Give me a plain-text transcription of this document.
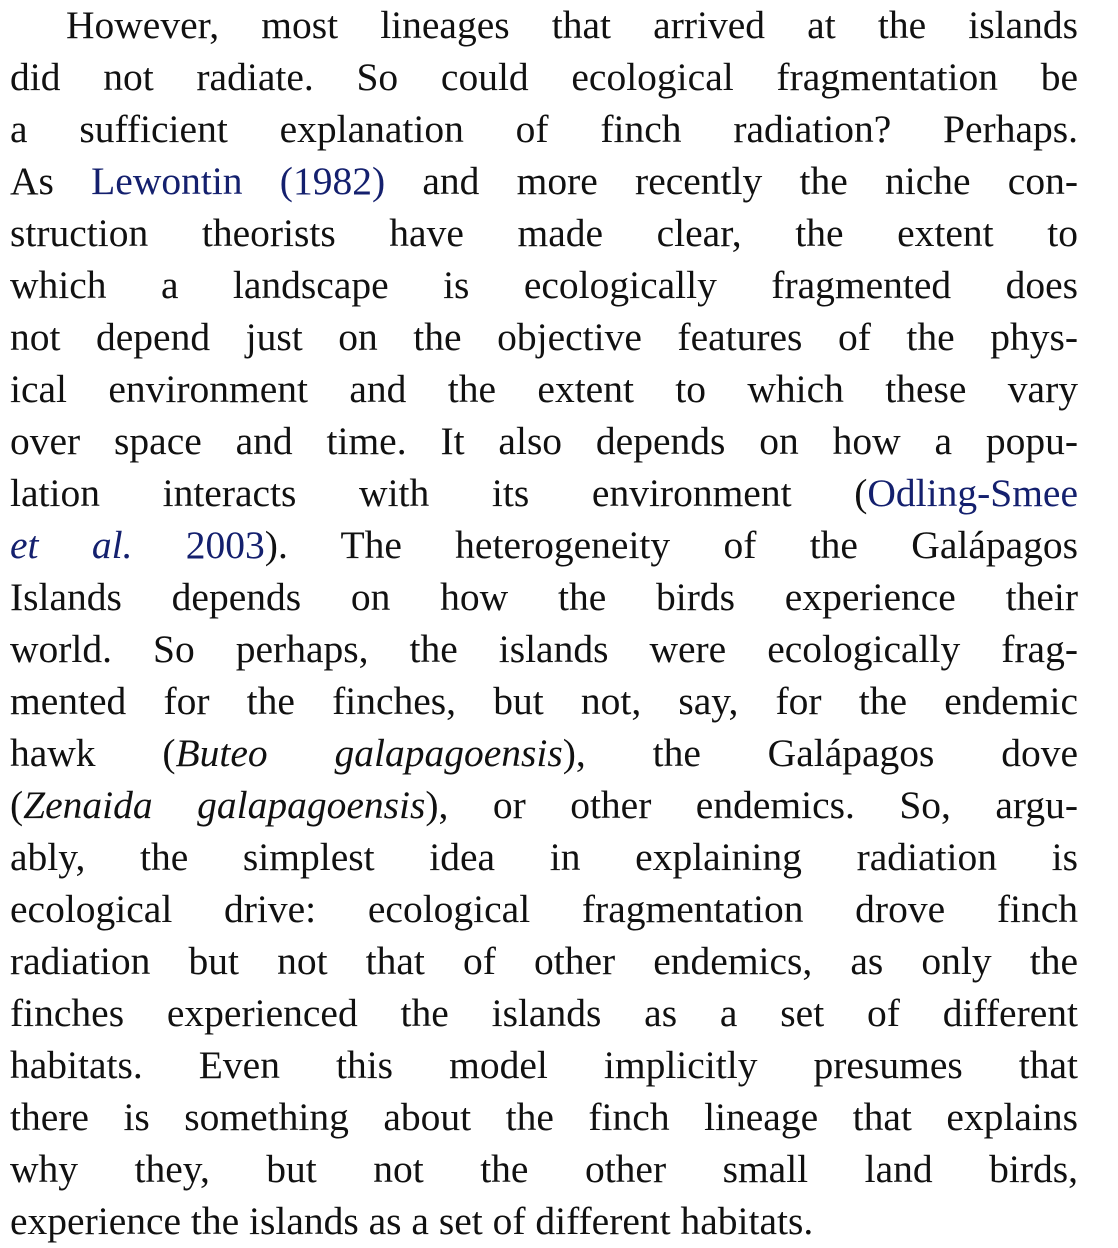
However, most lineages that arrived at the islands
did not radiate. So could ecological fragmentation be
a sufficient explanation of finch radiation? Perhaps.
As Lewontin (1982) and more recently the niche con-
struction theorists have made clear, the extent to
which a landscape is ecologically fragmented does
not depend just on the objective features of the phys-
ical environment and the extent to which these vary
over space and time. It also depends on how a popu-
lation interacts with its environment (Odling-Smee
et al. 2003). The heterogeneity of the Galápagos
Islands depends on how the birds experience their
world. So perhaps, the islands were ecologically frag-
mented for the finches, but not, say, for the endemic
hawk (Buteo galapagoensis), the Galápagos dove
(Zenaida galapagoensis), or other endemics. So, argu-
ably, the simplest idea in explaining radiation is
ecological drive: ecological fragmentation drove finch
radiation but not that of other endemics, as only the
finches experienced the islands as a set of different
habitats. Even this model implicitly presumes that
there is something about the finch lineage that explains
why they, but not the other small land birds,
experience the islands as a set of different habitats.
